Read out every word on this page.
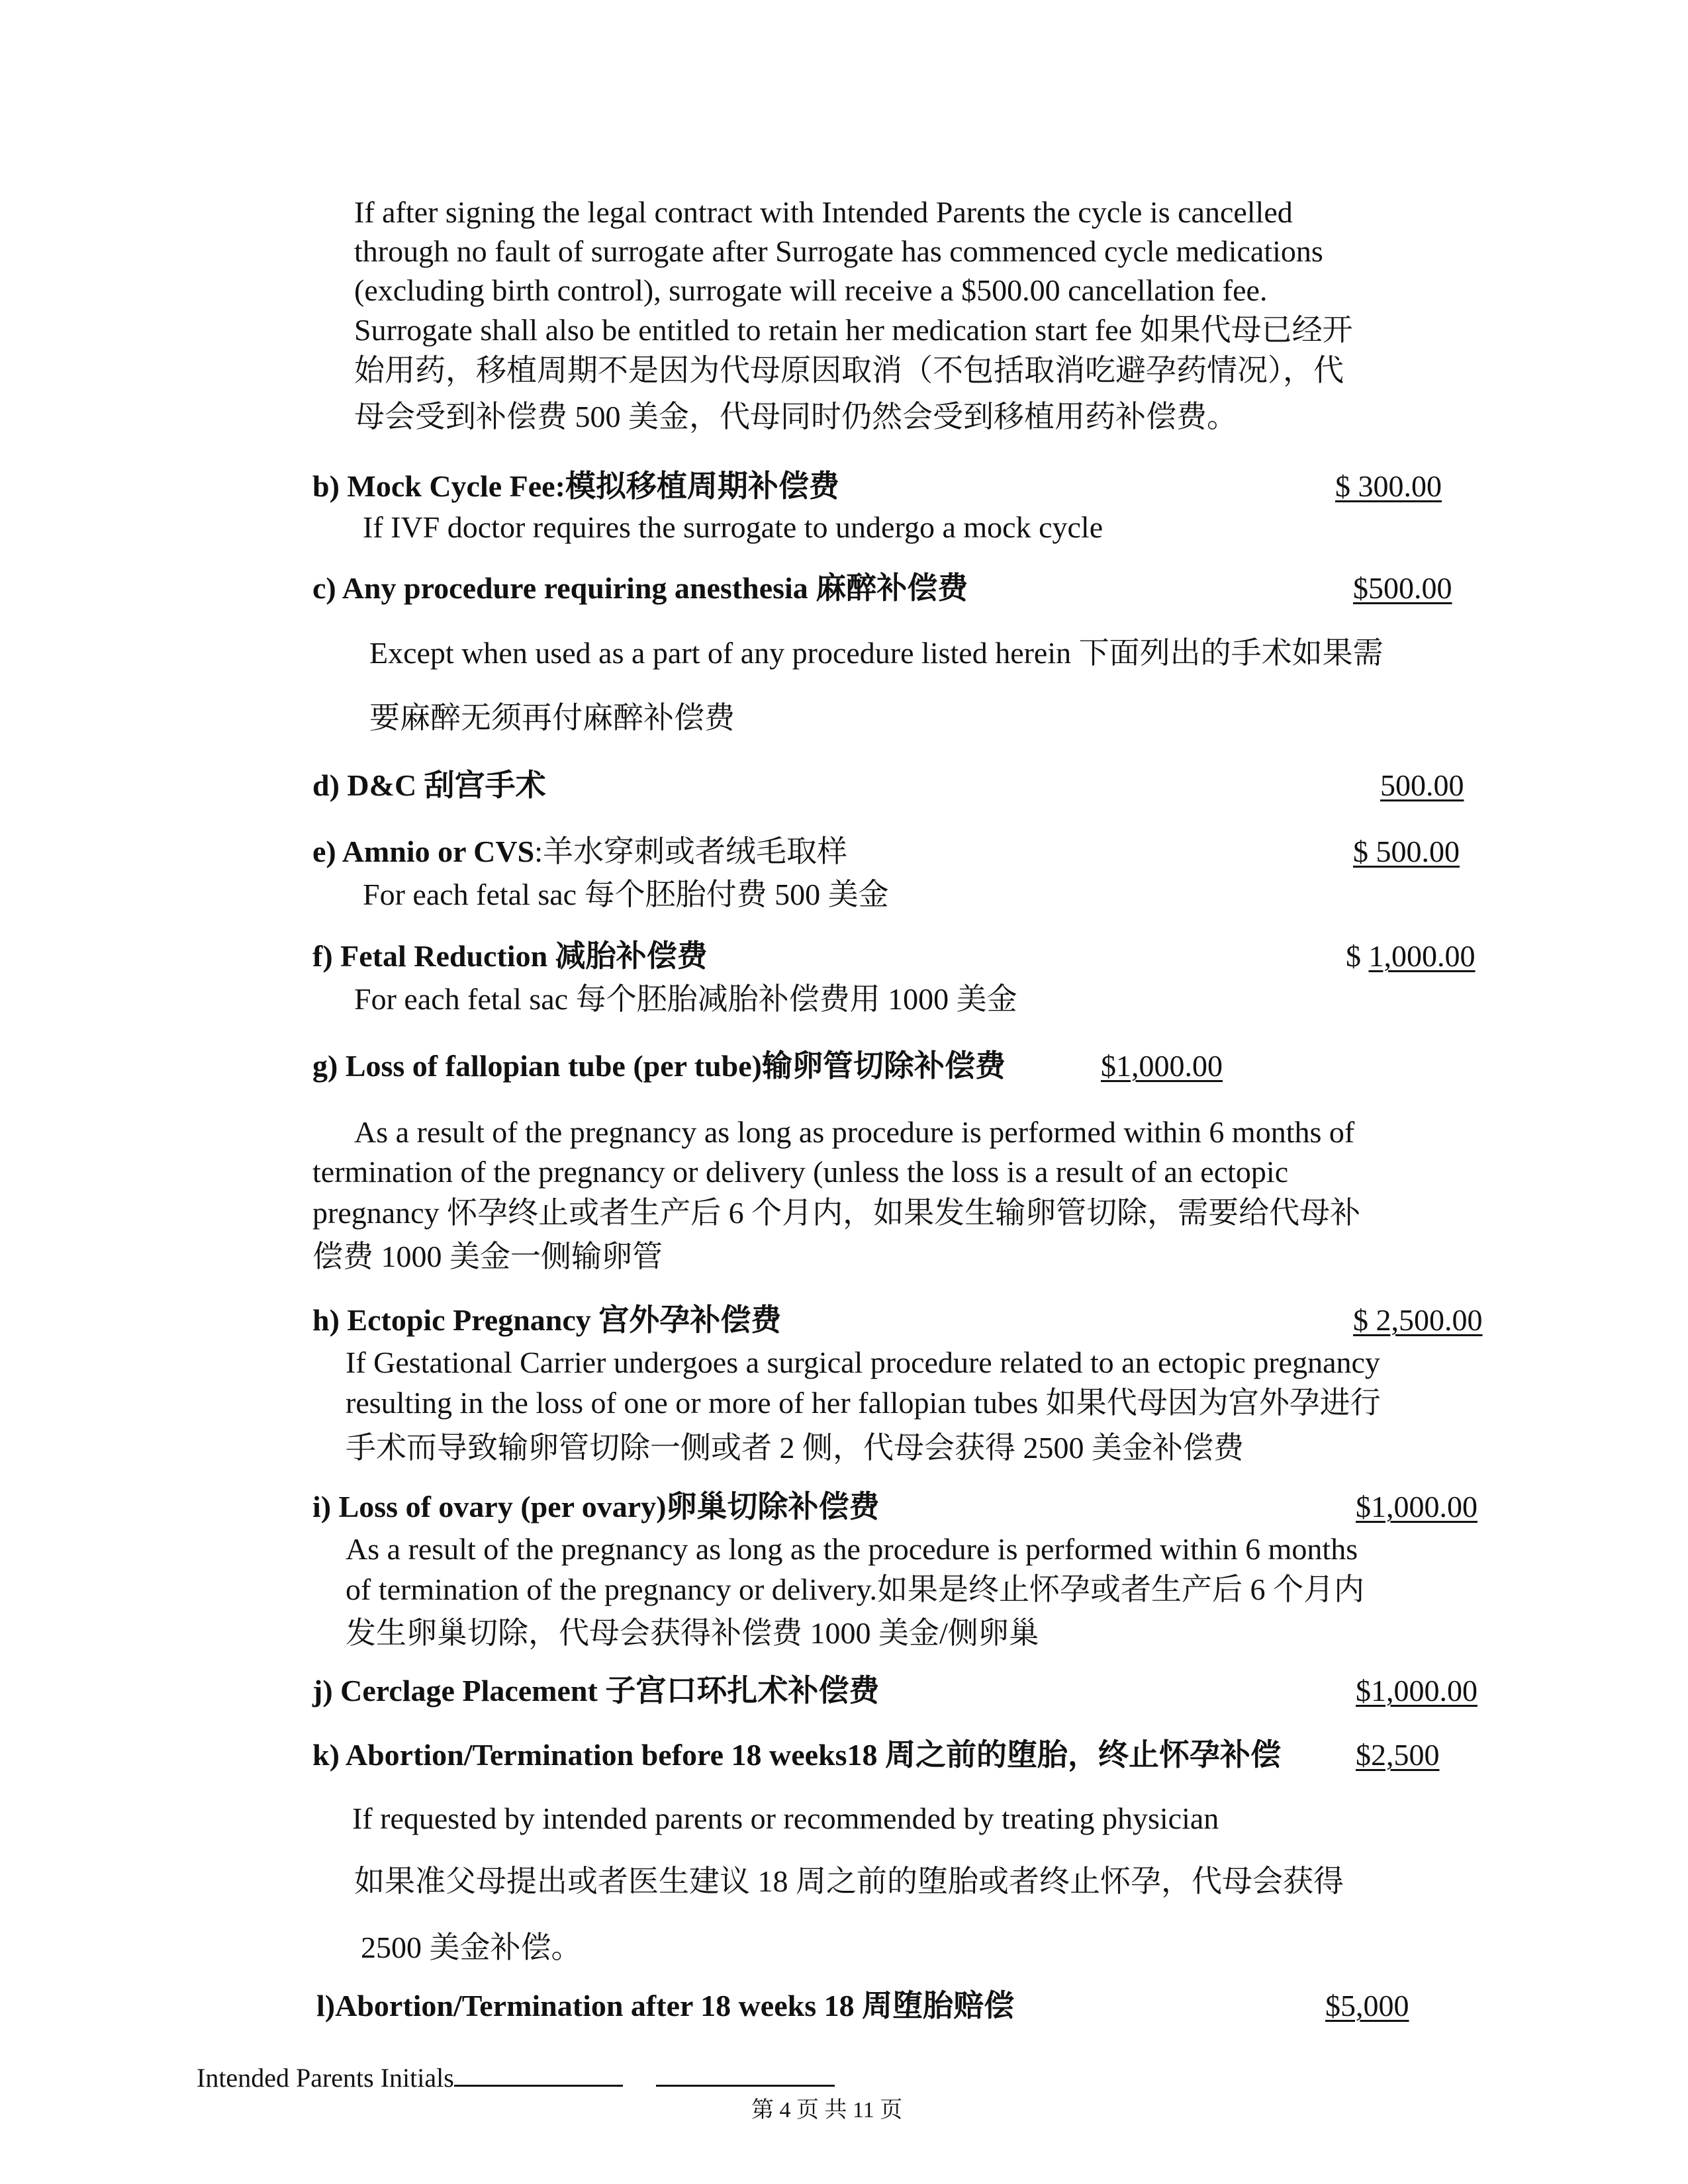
If after signing the legal contract with Intended Parents the cycle is cancelled
through no fault of surrogate after Surrogate has commenced cycle medications
(excluding birth control), surrogate will receive a $500.00 cancellation fee.
Surrogate shall also be entitled to retain her medication start fee 如果代母已经开
始用药，移植周期不是因为代母原因取消（不包括取消吃避孕药情况），代
母会受到补偿费 500 美金，代母同时仍然会受到移植用药补偿费。
b) Mock Cycle Fee:模拟移植周期补偿费	$ 300.00
If IVF doctor requires the surrogate to undergo a mock cycle
c) Any procedure requiring anesthesia 麻醉补偿费	$500.00
Except when used as a part of any procedure listed herein 下面列出的手术如果需
要麻醉无须再付麻醉补偿费
d) D&C 刮宫手术	500.00
e) Amnio or CVS:羊水穿刺或者绒毛取样	$ 500.00
For each fetal sac 每个胚胎付费 500 美金
f) Fetal Reduction 减胎补偿费	$ 1,000.00
For each fetal sac 每个胚胎减胎补偿费用 1000 美金
g) Loss of fallopian tube (per tube)输卵管切除补偿费	$1,000.00
As a result of the pregnancy as long as procedure is performed within 6 months of
termination of the pregnancy or delivery (unless the loss is a result of an ectopic
pregnancy 怀孕终止或者生产后 6 个月内，如果发生输卵管切除，需要给代母补
偿费 1000 美金一侧输卵管
h) Ectopic Pregnancy 宫外孕补偿费	$ 2,500.00
If Gestational Carrier undergoes a surgical procedure related to an ectopic pregnancy
resulting in the loss of one or more of her fallopian tubes 如果代母因为宫外孕进行
手术而导致输卵管切除一侧或者 2 侧，代母会获得 2500 美金补偿费
i) Loss of ovary (per ovary)卵巢切除补偿费	$1,000.00
As a result of the pregnancy as long as the procedure is performed within 6 months
of termination of the pregnancy or delivery.如果是终止怀孕或者生产后 6 个月内
发生卵巢切除，代母会获得补偿费 1000 美金/侧卵巢
j) Cerclage Placement 子宫口环扎术补偿费	$1,000.00
k) Abortion/Termination before 18 weeks18 周之前的堕胎，终止怀孕补偿 $2,500
If requested by intended parents or recommended by treating physician
如果准父母提出或者医生建议 18 周之前的堕胎或者终止怀孕，代母会获得
2500 美金补偿。
l)Abortion/Termination after 18 weeks 18 周堕胎赔偿	$5,000
Intended Parents Initials
第 4 页 共 11 页
